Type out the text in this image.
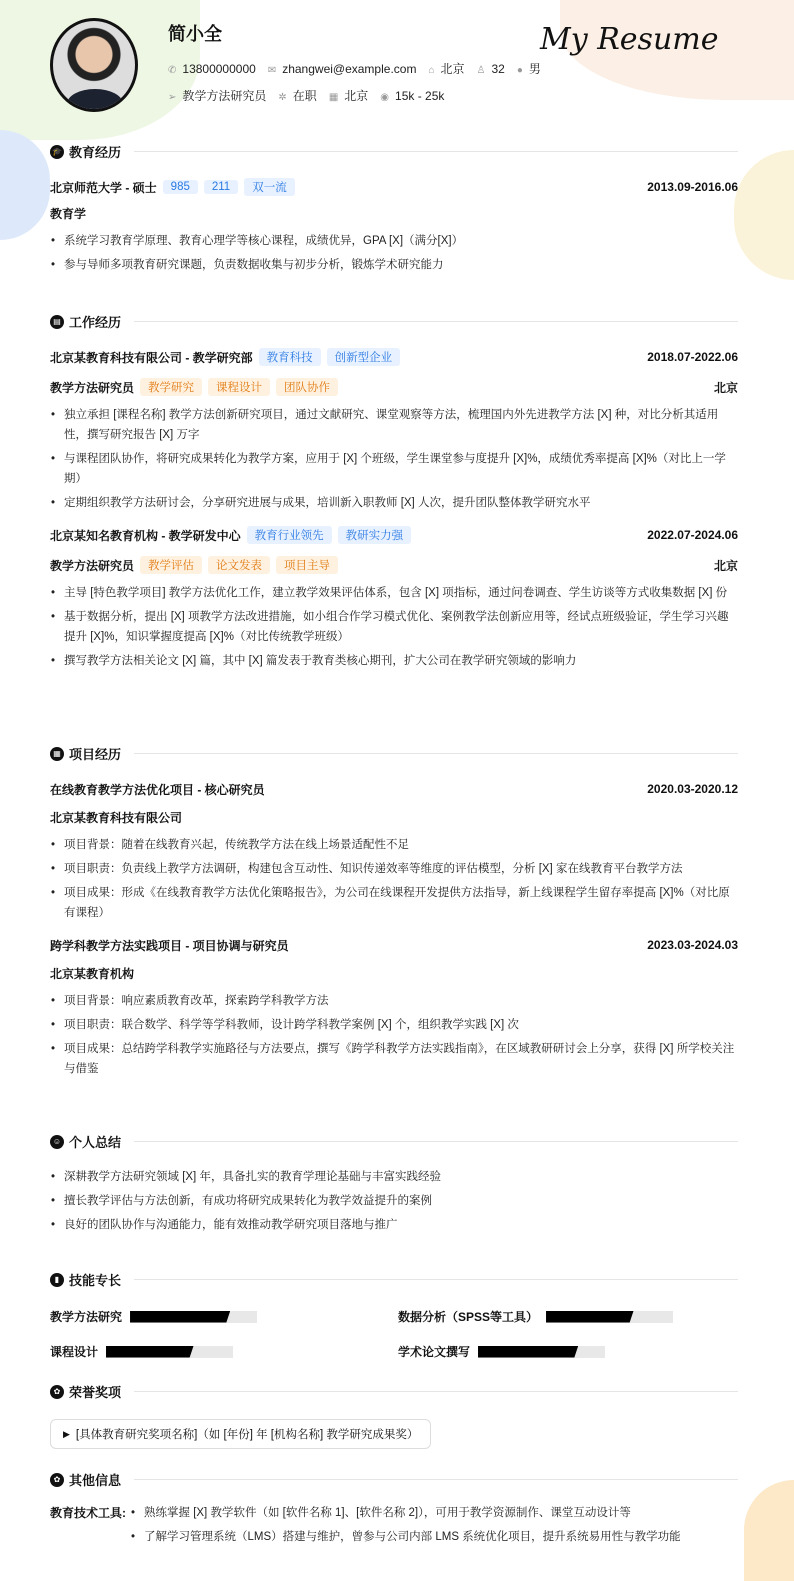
简小全	My Resume
✆ 13800000000 ✉ zhangwei@example.com ⌂ 北京 ♙ 32 ● 男
➢ 教学方法研究员 ✲ 在职 ▦ 北京 ◉ 15k - 25k
🎓 教育经历
北京师范大学 - 硕士	985	211	双一流	2013.09-2016.06
教育学
• 系统学习教育学原理、教育心理学等核心课程，成绩优异，GPA [X]（满分[X]）
• 参与导师多项教育研究课题，负责数据收集与初步分析，锻炼学术研究能力
▤ 工作经历
北京某教育科技有限公司 - 教学研究部	教育科技	创新型企业	2018.07-2022.06
教学方法研究员	教学研究	课程设计	团队协作	北京
• 独立承担 [课程名称] 教学方法创新研究项目，通过文献研究、课堂观察等方法，梳理国内外先进教学方法 [X] 种，对比分析其适用性，撰写研究报告 [X] 万字
• 与课程团队协作，将研究成果转化为教学方案，应用于 [X] 个班级，学生课堂参与度提升 [X]%，成绩优秀率提高 [X]%（对比上一学期）
• 定期组织教学方法研讨会，分享研究进展与成果，培训新入职教师 [X] 人次，提升团队整体教学研究水平
北京某知名教育机构 - 教学研发中心	教育行业领先	教研实力强	2022.07-2024.06
教学方法研究员	教学评估	论文发表	项目主导	北京
• 主导 [特色教学项目] 教学方法优化工作，建立教学效果评估体系，包含 [X] 项指标，通过问卷调查、学生访谈等方式收集数据 [X] 份
• 基于数据分析，提出 [X] 项教学方法改进措施，如小组合作学习模式优化、案例教学法创新应用等，经试点班级验证，学生学习兴趣提升 [X]%，知识掌握度提高 [X]%（对比传统教学班级）
• 撰写教学方法相关论文 [X] 篇，其中 [X] 篇发表于教育类核心期刊，扩大公司在教学研究领域的影响力
▦ 项目经历
在线教育教学方法优化项目 - 核心研究员	2020.03-2020.12
北京某教育科技有限公司
• 项目背景：随着在线教育兴起，传统教学方法在线上场景适配性不足
• 项目职责：负责线上教学方法调研，构建包含互动性、知识传递效率等维度的评估模型，分析 [X] 家在线教育平台教学方法
• 项目成果：形成《在线教育教学方法优化策略报告》，为公司在线课程开发提供方法指导，新上线课程学生留存率提高 [X]%（对比原有课程）
跨学科教学方法实践项目 - 项目协调与研究员	2023.03-2024.03
北京某教育机构
• 项目背景：响应素质教育改革，探索跨学科教学方法
• 项目职责：联合数学、科学等学科教师，设计跨学科教学案例 [X] 个，组织教学实践 [X] 次
• 项目成果：总结跨学科教学实施路径与方法要点，撰写《跨学科教学方法实践指南》，在区域教研研讨会上分享，获得 [X] 所学校关注与借鉴
☺ 个人总结
• 深耕教学方法研究领域 [X] 年，具备扎实的教育学理论基础与丰富实践经验
• 擅长教学评估与方法创新，有成功将研究成果转化为教学效益提升的案例
• 良好的团队协作与沟通能力，能有效推动教学研究项目落地与推广
▮ 技能专长
教学方法研究	数据分析（SPSS等工具）
课程设计	学术论文撰写
✿ 荣誉奖项
▶ [具体教育研究奖项名称]（如 [年份] 年 [机构名称] 教学研究成果奖）
✿ 其他信息
教育技术工具:	• 熟练掌握 [X] 教学软件（如 [软件名称 1]、[软件名称 2]），可用于教学资源制作、课堂互动设计等
• 了解学习管理系统（LMS）搭建与维护，曾参与公司内部 LMS 系统优化项目，提升系统易用性与教学功能
